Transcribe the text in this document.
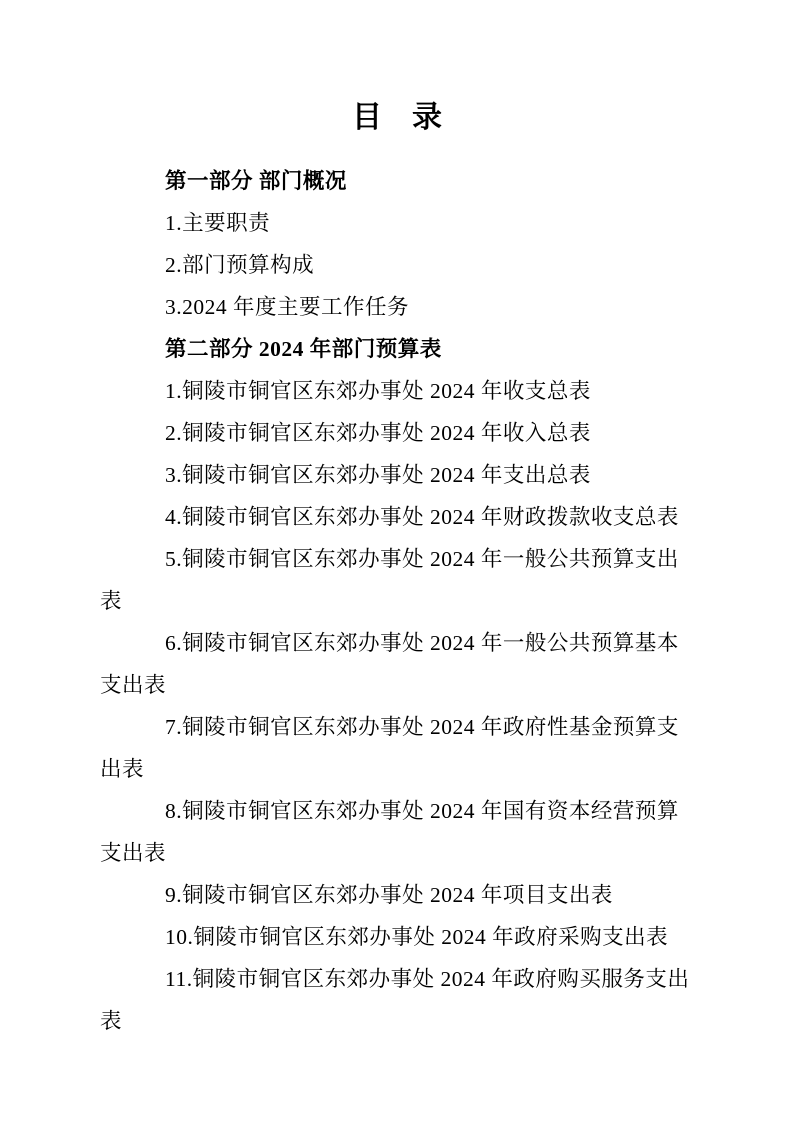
目　录
第一部分 部门概况
1.主要职责
2.部门预算构成
3.2024 年度主要工作任务
第二部分 2024 年部门预算表
1.铜陵市铜官区东郊办事处 2024 年收支总表
2.铜陵市铜官区东郊办事处 2024 年收入总表
3.铜陵市铜官区东郊办事处 2024 年支出总表
4.铜陵市铜官区东郊办事处 2024 年财政拨款收支总表
5.铜陵市铜官区东郊办事处 2024 年一般公共预算支出
表
6.铜陵市铜官区东郊办事处 2024 年一般公共预算基本
支出表
7.铜陵市铜官区东郊办事处 2024 年政府性基金预算支
出表
8.铜陵市铜官区东郊办事处 2024 年国有资本经营预算
支出表
9.铜陵市铜官区东郊办事处 2024 年项目支出表
10.铜陵市铜官区东郊办事处 2024 年政府采购支出表
11.铜陵市铜官区东郊办事处 2024 年政府购买服务支出
表
